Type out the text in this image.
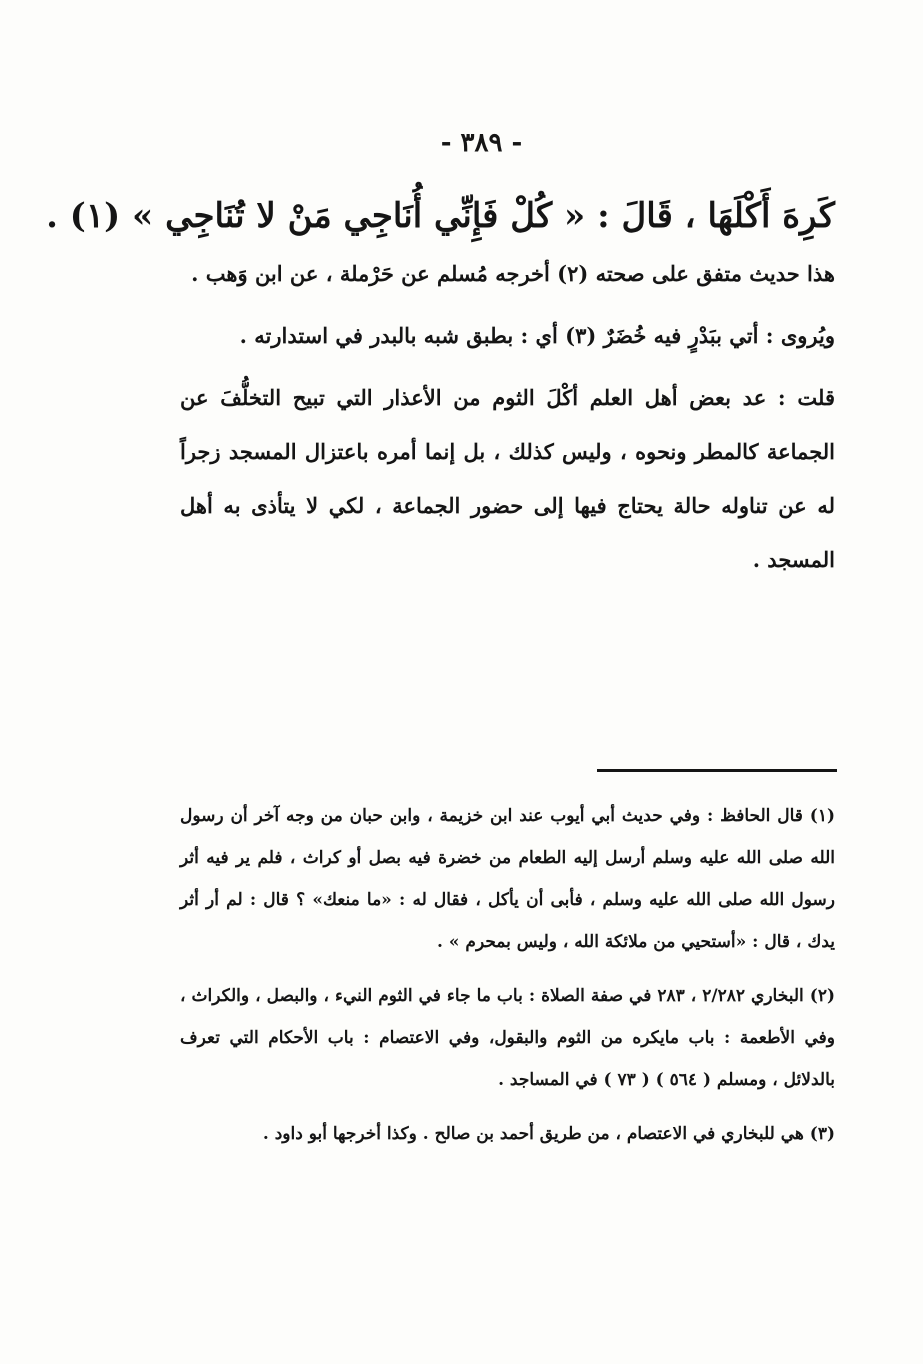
- ٣٨٩ -
كَرِهَ أَكْلَهَا ، قَالَ : « كُلْ فَإِنِّي أُنَاجِي مَنْ لا تُنَاجِي » (١) .

هذا حديث متفق على صحته (٢) أخرجه مُسلم عن حَرْملة ، عن ابن وَهب .

ويُروى : أتي ببَدْرٍ فيه خُضَرٌ (٣) أي : بطبق شبه بالبدر في استدارته .

قلت : عد بعض أهل العلم أكْلَ الثوم من الأعذار التي تبيح التخلُّفَ عن الجماعة كالمطر ونحوه ، وليس كذلك ، بل إنما أمره باعتزال المسجد زجراً له عن تناوله حالة يحتاج فيها إلى حضور الجماعة ، لكي لا يتأذى به أهل المسجد .

(١) قال الحافظ : وفي حديث أبي أيوب عند ابن خزيمة ، وابن حبان من وجه آخر أن رسول الله صلى الله عليه وسلم أرسل إليه الطعام من خضرة فيه بصل أو كراث ، فلم ير فيه أثر رسول الله صلى الله عليه وسلم ، فأبى أن يأكل ، فقال له : «ما منعك» ؟ قال : لم أر أثر يدك ، قال : «أستحيي من ملائكة الله ، وليس بمحرم » .

(٢) البخاري ٢/٢٨٢ ، ٢٨٣ في صفة الصلاة : باب ما جاء في الثوم النيء ، والبصل ، والكراث ، وفي الأطعمة : باب مايكره من الثوم والبقول، وفي الاعتصام : باب الأحكام التي تعرف بالدلائل ، ومسلم ( ٥٦٤ ) ( ٧٣ ) في المساجد .

(٣) هي للبخاري في الاعتصام ، من طريق أحمد بن صالح . وكذا أخرجها أبو داود .
